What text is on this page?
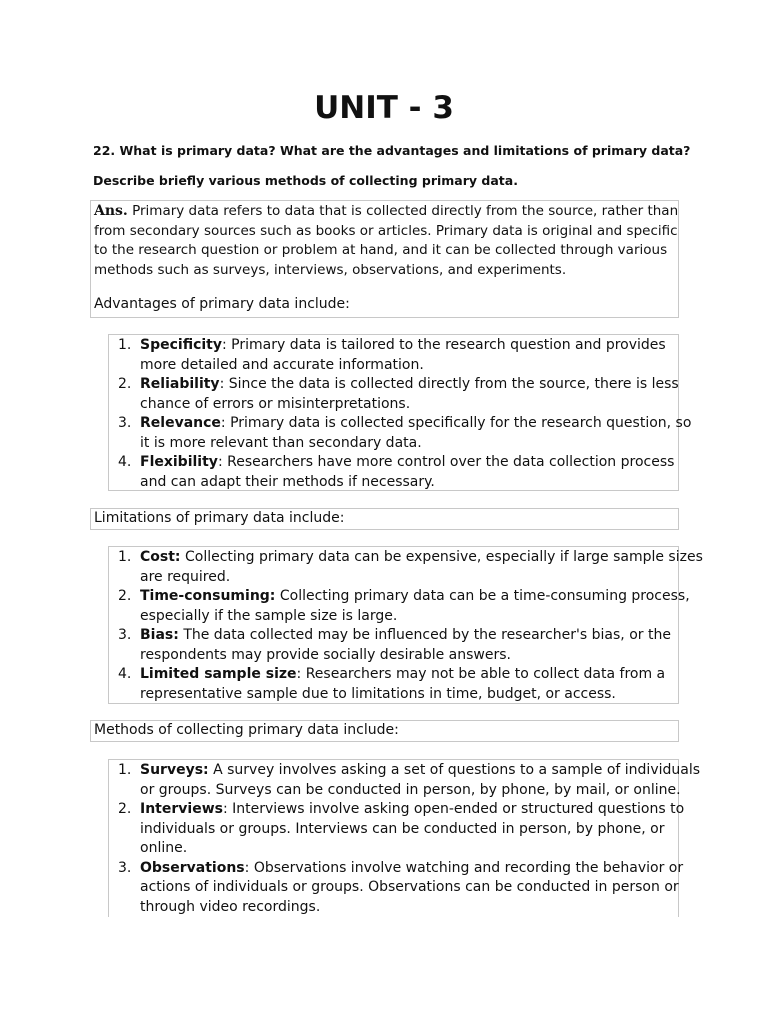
UNIT - 3
22. What is primary data? What are the advantages and limitations of primary data?
Describe briefly various methods of collecting primary data.
Ans. Primary data refers to data that is collected directly from the source, rather than
from secondary sources such as books or articles. Primary data is original and specific
to the research question or problem at hand, and it can be collected through various
methods such as surveys, interviews, observations, and experiments.
Advantages of primary data include:
1. Specificity: Primary data is tailored to the research question and provides
more detailed and accurate information.
2. Reliability: Since the data is collected directly from the source, there is less
chance of errors or misinterpretations.
3. Relevance: Primary data is collected specifically for the research question, so
it is more relevant than secondary data.
4. Flexibility: Researchers have more control over the data collection process
and can adapt their methods if necessary.
Limitations of primary data include:
1. Cost: Collecting primary data can be expensive, especially if large sample sizes
are required.
2. Time-consuming: Collecting primary data can be a time-consuming process,
especially if the sample size is large.
3. Bias: The data collected may be influenced by the researcher's bias, or the
respondents may provide socially desirable answers.
4. Limited sample size: Researchers may not be able to collect data from a
representative sample due to limitations in time, budget, or access.
Methods of collecting primary data include:
1. Surveys: A survey involves asking a set of questions to a sample of individuals
or groups. Surveys can be conducted in person, by phone, by mail, or online.
2. Interviews: Interviews involve asking open-ended or structured questions to
individuals or groups. Interviews can be conducted in person, by phone, or
online.
3. Observations: Observations involve watching and recording the behavior or
actions of individuals or groups. Observations can be conducted in person or
through video recordings.
